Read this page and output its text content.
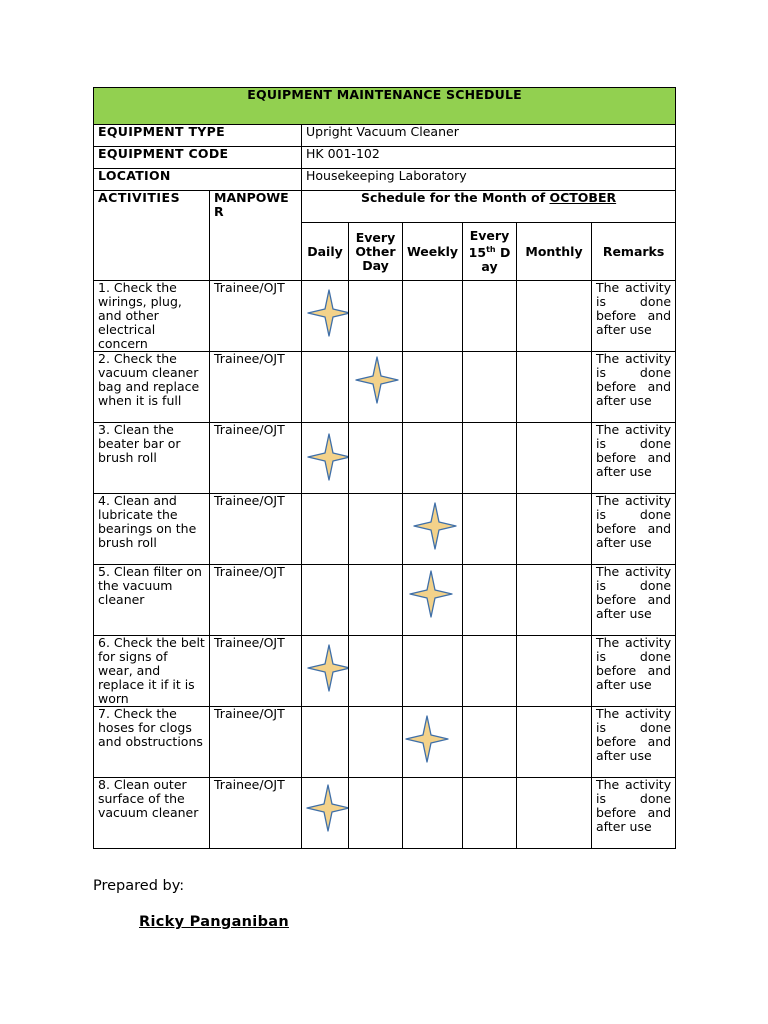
EQUIPMENT MAINTENANCE SCHEDULE							
EQUIPMENT TYPE		Upright Vacuum Cleaner					
EQUIPMENT CODE		HK 001-102					
LOCATION		Housekeeping Laboratory					
ACTIVITIES	MANPOWER	Schedule for the Month of OCTOBER					
		Daily	Every Other Day	Weekly	Every 15th Day	Monthly	Remarks
1. Check the wirings, plug, and other electrical concern	Trainee/OJT						The activity is done before and after use
2. Check the vacuum cleaner bag and replace when it is full	Trainee/OJT						The activity is done before and after use
3. Clean the beater bar or brush roll	Trainee/OJT						The activity is done before and after use
4. Clean and lubricate the bearings on the brush roll	Trainee/OJT						The activity is done before and after use
5. Clean filter on the vacuum cleaner	Trainee/OJT						The activity is done before and after use
6. Check the belt for signs of wear, and replace it if it is worn	Trainee/OJT						The activity is done before and after use
7. Check the hoses for clogs and obstructions	Trainee/OJT						The activity is done before and after use
8. Clean outer surface of the vacuum cleaner	Trainee/OJT						The activity is done before and after use
Prepared by:
Ricky Panganiban
